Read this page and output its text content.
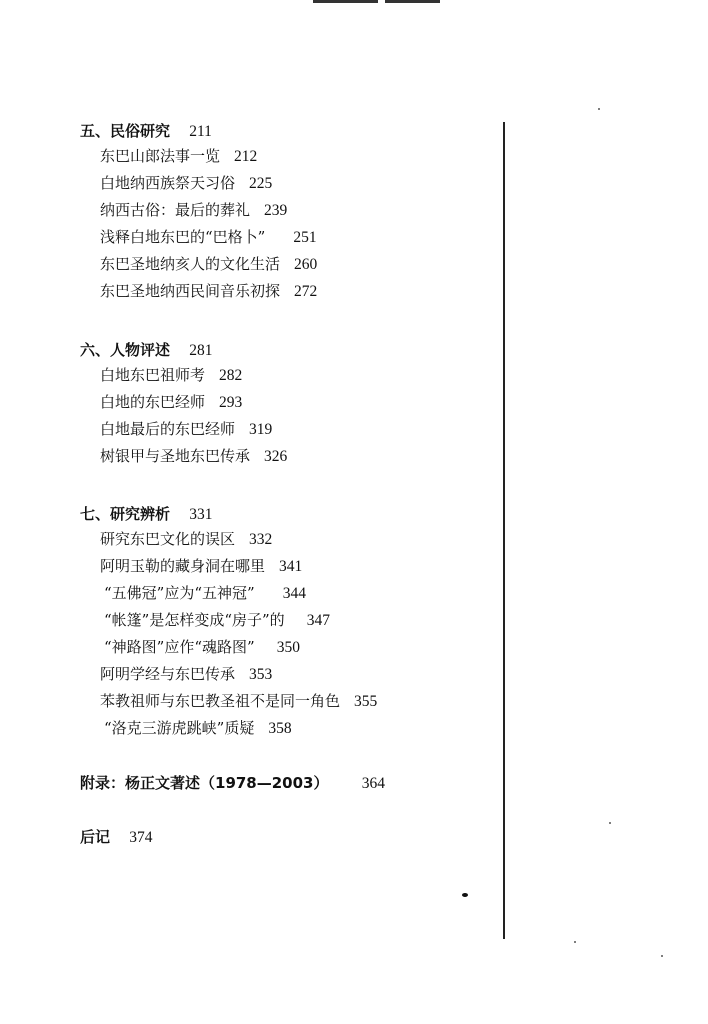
五、民俗研究 211
东巴山郎法事一览 212
白地纳西族祭天习俗 225
纳西古俗：最后的葬礼 239
浅释白地东巴的“巴格卜” 251
东巴圣地纳亥人的文化生活 260
东巴圣地纳西民间音乐初探 272
六、人物评述 281
白地东巴祖师考 282
白地的东巴经师 293
白地最后的东巴经师 319
树银甲与圣地东巴传承 326
七、研究辨析 331
研究东巴文化的误区 332
阿明玉勒的藏身洞在哪里 341
“五佛冠”应为“五神冠” 344
“帐篷”是怎样变成“房子”的 347
“神路图”应作“魂路图” 350
阿明学经与东巴传承 353
苯教祖师与东巴教圣祖不是同一角色 355
“洛克三游虎跳峡”质疑 358
附录：杨正文著述（1978—2003） 364
后记 374
